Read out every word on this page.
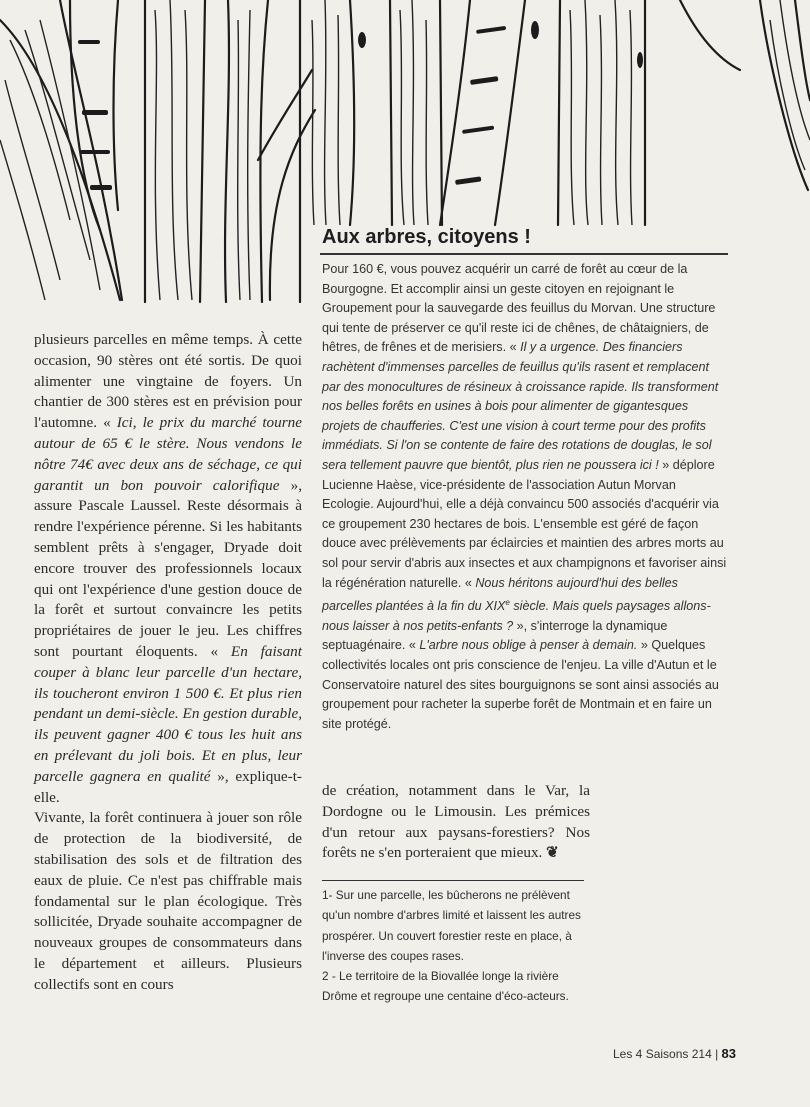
plusieurs parcelles en même temps. À cette occasion, 90 stères ont été sortis. De quoi alimenter une vingtaine de foyers. Un chantier de 300 stères est en prévision pour l'automne. « Ici, le prix du marché tourne autour de 65 € le stère. Nous vendons le nôtre 74€ avec deux ans de séchage, ce qui garantit un bon pouvoir calorifique », assure Pascale Laussel. Reste désormais à rendre l'expérience pérenne. Si les habitants semblent prêts à s'engager, Dryade doit encore trouver des professionnels locaux qui ont l'expérience d'une gestion douce de la forêt et surtout convaincre les petits propriétaires de jouer le jeu. Les chiffres sont pourtant éloquents. « En faisant couper à blanc leur parcelle d'un hectare, ils toucheront environ 1 500 €. Et plus rien pendant un demi-siècle. En gestion durable, ils peuvent gagner 400 € tous les huit ans en prélevant du joli bois. Et en plus, leur parcelle gagnera en qualité », explique-t-elle.

Vivante, la forêt continuera à jouer son rôle de protection de la biodiversité, de stabilisation des sols et de filtration des eaux de pluie. Ce n'est pas chiffrable mais fondamental sur le plan écologique. Très sollicitée, Dryade souhaite accompagner de nouveaux groupes de consommateurs dans le département et ailleurs. Plusieurs collectifs sont en cours

Aux arbres, citoyens !

Pour 160 €, vous pouvez acquérir un carré de forêt au cœur de la Bourgogne. Et accomplir ainsi un geste citoyen en rejoignant le Groupement pour la sauvegarde des feuillus du Morvan. Une structure qui tente de préserver ce qu'il reste ici de chênes, de châtaigniers, de hêtres, de frênes et de merisiers. « Il y a urgence. Des financiers rachètent d'immenses parcelles de feuillus qu'ils rasent et remplacent par des monocultures de résineux à croissance rapide. Ils transforment nos belles forêts en usines à bois pour alimenter de gigantesques projets de chaufferies. C'est une vision à court terme pour des profits immédiats. Si l'on se contente de faire des rotations de douglas, le sol sera tellement pauvre que bientôt, plus rien ne poussera ici ! » déplore Lucienne Haèse, vice-présidente de l'association Autun Morvan Ecologie. Aujourd'hui, elle a déjà convaincu 500 associés d'acquérir via ce groupement 230 hectares de bois. L'ensemble est géré de façon douce avec prélèvements par éclaircies et maintien des arbres morts au sol pour servir d'abris aux insectes et aux champignons et favoriser ainsi la régénération naturelle. « Nous héritons aujourd'hui des belles parcelles plantées à la fin du XIXe siècle. Mais quels paysages allons-nous laisser à nos petits-enfants ? », s'interroge la dynamique septuagénaire. « L'arbre nous oblige à penser à demain. » Quelques collectivités locales ont pris conscience de l'enjeu. La ville d'Autun et le Conservatoire naturel des sites bourguignons se sont ainsi associés au groupement pour racheter la superbe forêt de Montmain et en faire un site protégé.

de création, notamment dans le Var, la Dordogne ou le Limousin. Les prémices d'un retour aux paysans-forestiers? Nos forêts ne s'en porteraient que mieux. ❦

1- Sur une parcelle, les bûcherons ne prélèvent qu'un nombre d'arbres limité et laissent les autres prospérer. Un couvert forestier reste en place, à l'inverse des coupes rases.

2 - Le territoire de la Biovallée longe la rivière Drôme et regroupe une centaine d'éco-acteurs.

Les 4 Saisons 214 | 83
